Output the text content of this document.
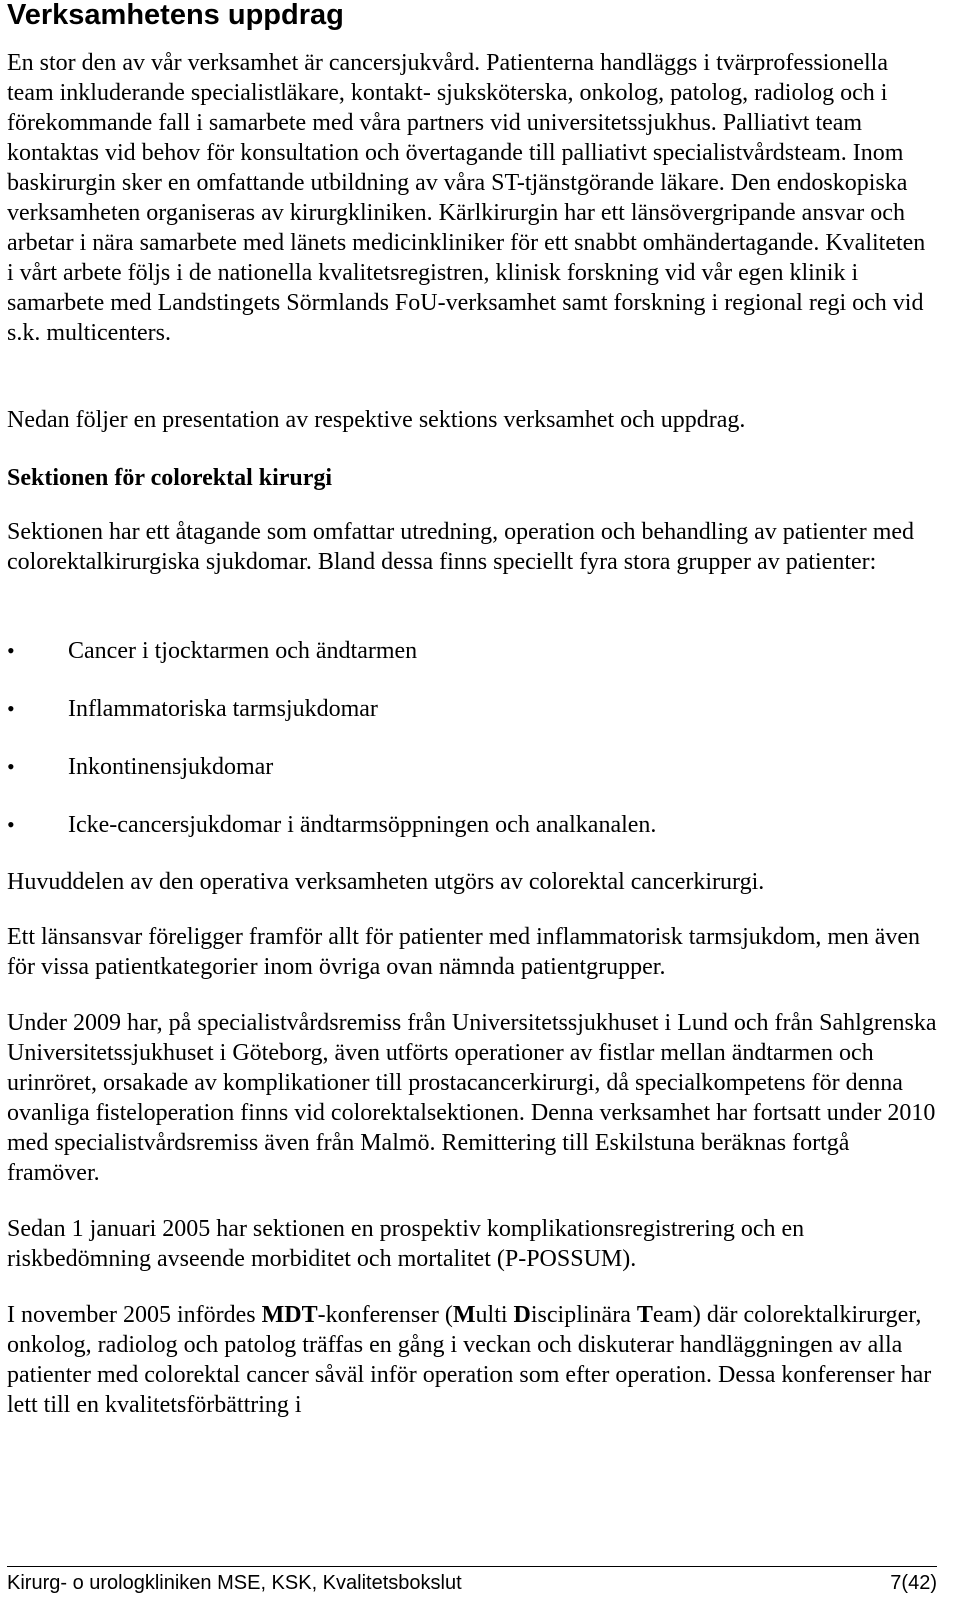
Verksamhetens uppdrag

En stor den av vår verksamhet är cancersjukvård. Patienterna handläggs i tvärprofessionella team inkluderande specialistläkare, kontakt- sjuksköterska, onkolog, patolog, radiolog och i förekommande fall i samarbete med våra partners vid universitetssjukhus. Palliativt team kontaktas vid behov för konsultation och övertagande till palliativt specialistvårdsteam. Inom baskirurgin sker en omfattande utbildning av våra ST-tjänstgörande läkare. Den endoskopiska verksamheten organiseras av kirurgkliniken. Kärlkirurgin har ett länsövergripande ansvar och arbetar i nära samarbete med länets medicinkliniker för ett snabbt omhändertagande. Kvaliteten i vårt arbete följs i de nationella kvalitetsregistren, klinisk forskning vid vår egen klinik i samarbete med Landstingets Sörmlands FoU-verksamhet samt forskning i regional regi och vid s.k. multicenters.

Nedan följer en presentation av respektive sektions verksamhet och uppdrag.

Sektionen för colorektal kirurgi

Sektionen har ett åtagande som omfattar utredning, operation och behandling av patienter med colorektalkirurgiska sjukdomar. Bland dessa finns speciellt fyra stora grupper av patienter:

•	Cancer i tjocktarmen och ändtarmen
•	Inflammatoriska tarmsjukdomar
•	Inkontinensjukdomar
•	Icke-cancersjukdomar i ändtarmsöppningen och analkanalen.

Huvuddelen av den operativa verksamheten utgörs av colorektal cancerkirurgi.

Ett länsansvar föreligger framför allt för patienter med inflammatorisk tarmsjukdom, men även för vissa patientkategorier inom övriga ovan nämnda patientgrupper.

Under 2009 har, på specialistvårdsremiss från Universitetssjukhuset i Lund och från Sahlgrenska Universitetssjukhuset i Göteborg, även utförts operationer av fistlar mellan ändtarmen och urinröret, orsakade av komplikationer till prostacancerkirurgi, då specialkompetens för denna ovanliga fisteloperation finns vid colorektalsektionen. Denna verksamhet har fortsatt under 2010 med specialistvårdsremiss även från Malmö. Remittering till Eskilstuna beräknas fortgå framöver.

Sedan 1 januari 2005 har sektionen en prospektiv komplikationsregistrering och en riskbedömning avseende morbiditet och mortalitet (P-POSSUM).

I november 2005 infördes MDT-konferenser (Multi Disciplinära Team) där colorektalkirurger, onkolog, radiolog och patolog träffas en gång i veckan och diskuterar handläggningen av alla patienter med colorektal cancer såväl inför operation som efter operation. Dessa konferenser har lett till en kvalitetsförbättring i

Kirurg- o urologkliniken MSE, KSK, Kvalitetsbokslut	7(42)
